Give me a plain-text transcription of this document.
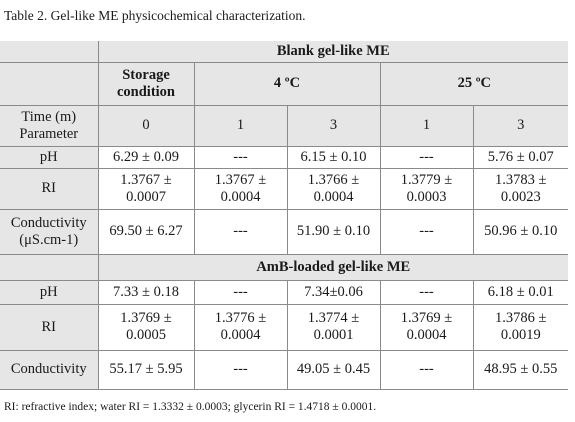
Table 2. Gel-like ME physicochemical characterization.
	Blank gel-like ME				
	Storage condition	4 ºC		25 ºC	

Time (m)
Parameter	0	1	3	1	3
pH	6.29 ± 0.09	---	6.15 ± 0.10	---	5.76 ± 0.07
RI	1.3767 ± 0.0007	1.3767 ± 0.0004	1.3766 ± 0.0004	1.3779 ± 0.0003	1.3783 ± 0.0023
Conductivity (μS.cm-1)	69.50 ± 6.27	---	51.90 ± 0.10	---	50.96 ± 0.10
	AmB-loaded gel-like ME				
pH	7.33 ± 0.18	---	7.34±0.06	---	6.18 ± 0.01
RI	1.3769 ± 0.0005	1.3776 ± 0.0004	1.3774 ± 0.0001	1.3769 ± 0.0004	1.3786 ± 0.0019
Conductivity	55.17 ± 5.95	---	49.05 ± 0.45	---	48.95 ± 0.55
RI: refractive index; water RI = 1.3332 ± 0.0003; glycerin RI = 1.4718 ± 0.0001.
